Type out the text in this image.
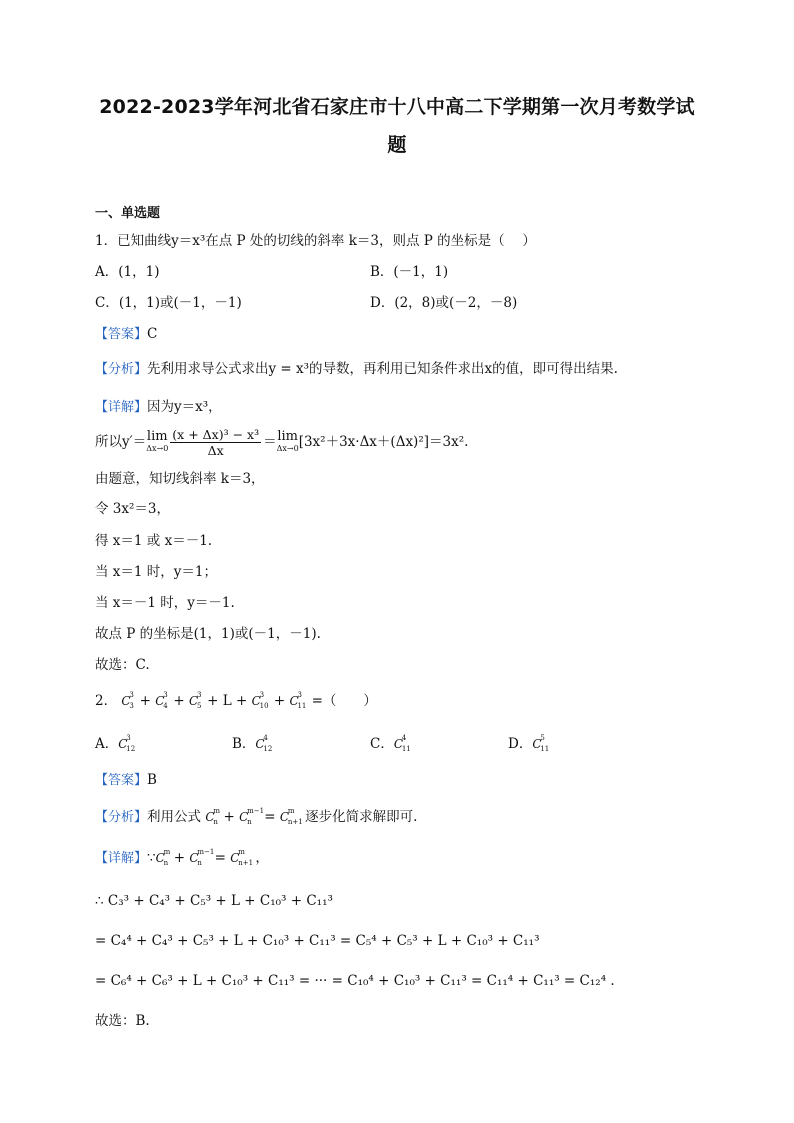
2022-2023学年河北省石家庄市十八中高二下学期第一次月考数学试
题
一、单选题
1．已知曲线y＝x³在点 P 处的切线的斜率 k＝3，则点 P 的坐标是（　 ）
A．(1，1)	B．(－1，1)
C．(1，1)或(－1，－1)	D．(2，8)或(－2，－8)
【答案】C
【分析】先利用求导公式求出y = x³的导数，再利用已知条件求出x的值，即可得出结果.
【详解】因为y＝x³，
所以y′＝ lim
$\Delta x\to 0 \frac{\text{(x + Δx)³ − x³}}{\Delta x} = \lim$
Δx→0 [3x²＋3x·Δx＋(Δx)²]＝3x².
由题意，知切线斜率 k＝3，
令 3x²＝3，
得 x＝1 或 x＝－1.
当 x＝1 时，y＝1；
当 x＝－1 时，y＝－1.
故点 P 的坐标是(1，1)或(－1，－1).
故选：C.
2． C
3
3 + C
3
4 + C
3
5 + L + C
3
10 + C
3
11 =（　　）
A．C
3
12	B．C
4
12	C．C
4
11	D．C
5
11
【答案】B
【分析】利用公式 C
m
n + C
m−1
n = C
m
n+1 逐步化简求解即可.
【详解】∵C
m
n + C
m−1
n = C
m
n+1 ，
∴ C₃³ + C₄³ + C₅³ + L + C₁₀³ + C₁₁³
= C₄⁴ + C₄³ + C₅³ + L + C₁₀³ + C₁₁³ = C₅⁴ + C₅³ + L + C₁₀³ + C₁₁³
= C₆⁴ + C₆³ + L + C₁₀³ + C₁₁³ = ··· = C₁₀⁴ + C₁₀³ + C₁₁³ = C₁₁⁴ + C₁₁³ = C₁₂⁴ .
故选：B.
